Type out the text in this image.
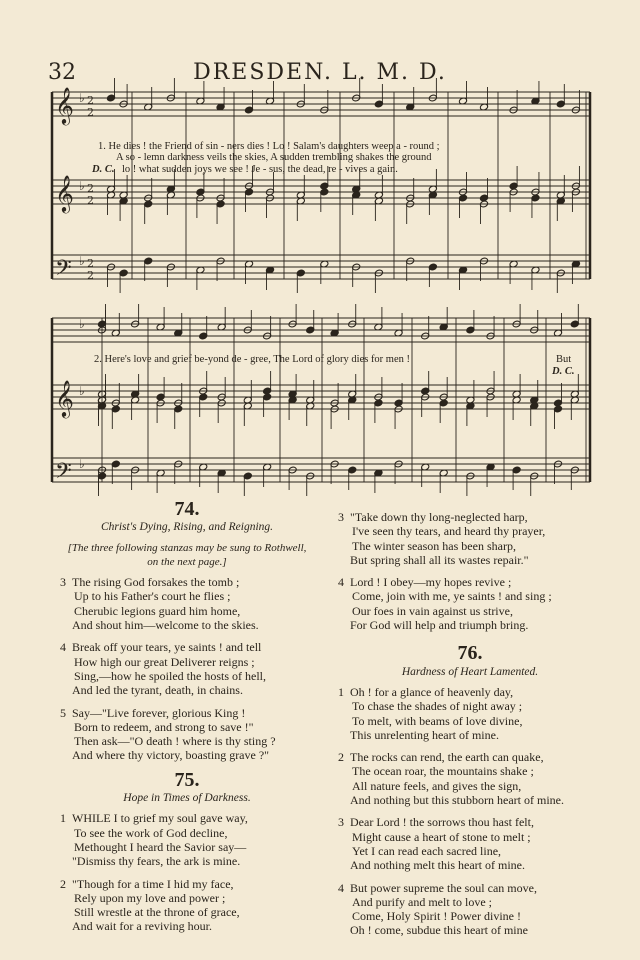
32	DRESDEN. L. M. D.
𝄞 ♭ 2
2
𝄞 ♭ 2
2
𝄢 ♭ 2
2
♭
𝄞 ♭
𝄢 ♭
1. He dies ! the Friend of sin - ners dies ! Lo ! Salam's daughters weep a - round ;
A so - lemn darkness veils the skies, A sudden trembling shakes the ground
D. C. lo ! what sudden joys we see ! Je - sus, the dead, re - vives a gain.
2. Here's love and grief be-yond de - gree, The Lord of glory dies for men !	But
D. C.
74.
Christ's Dying, Rising, and Reigning.
[The three following stanzas may be sung to Rothwell,
on the next page.]
3 The rising God forsakes the tomb ;
Up to his Father's court he flies ;
Cherubic legions guard him home,
And shout him—welcome to the skies.
4 Break off your tears, ye saints ! and tell
How high our great Deliverer reigns ;
Sing,—how he spoiled the hosts of hell,
And led the tyrant, death, in chains.
5 Say—"Live forever, glorious King !
Born to redeem, and strong to save !"
Then ask—"O death ! where is thy sting ?
And where thy victory, boasting grave ?"
75.
Hope in Times of Darkness.
1 WHILE I to grief my soul gave way,
To see the work of God decline,
Methought I heard the Savior say—
"Dismiss thy fears, the ark is mine.
2 "Though for a time I hid my face,
Rely upon my love and power ;
Still wrestle at the throne of grace,
And wait for a reviving hour.
3 "Take down thy long-neglected harp,
I've seen thy tears, and heard thy prayer,
The winter season has been sharp,
But spring shall all its wastes repair."
4 Lord ! I obey—my hopes revive ;
Come, join with me, ye saints ! and sing ;
Our foes in vain against us strive,
For God will help and triumph bring.
76.
Hardness of Heart Lamented.
1 Oh ! for a glance of heavenly day,
To chase the shades of night away ;
To melt, with beams of love divine,
This unrelenting heart of mine.
2 The rocks can rend, the earth can quake,
The ocean roar, the mountains shake ;
All nature feels, and gives the sign,
And nothing but this stubborn heart of mine.
3 Dear Lord ! the sorrows thou hast felt,
Might cause a heart of stone to melt ;
Yet I can read each sacred line,
And nothing melt this heart of mine.
4 But power supreme the soul can move,
And purify and melt to love ;
Come, Holy Spirit ! Power divine !
Oh ! come, subdue this heart of mine
